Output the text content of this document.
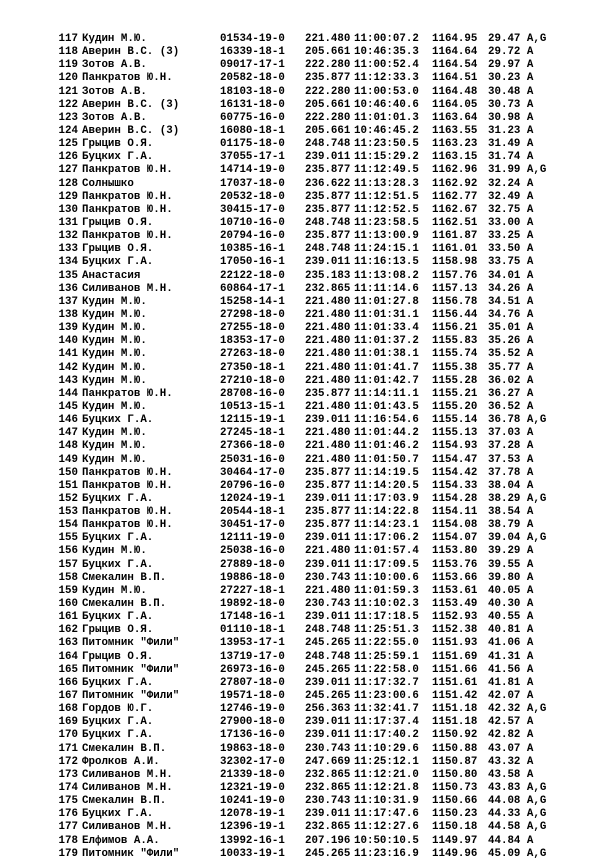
117 Кудин М.Ю.	01534-19-0 221.480 11:00:07.2 1164.95 29.47 A,G
118 Аверин В.С. (3)	16339-18-1 205.661 10:46:35.3 1164.64 29.72 A
119 Зотов А.В.	09017-17-1 222.280 11:00:52.4 1164.54 29.97 A
120 Панкратов Ю.Н.	20582-18-0 235.877 11:12:33.3 1164.51 30.23 A
121 Зотов А.В.	18103-18-0 222.280 11:00:53.0 1164.48 30.48 A
122 Аверин В.С. (3)	16131-18-0 205.661 10:46:40.6 1164.05 30.73 A
123 Зотов А.В.	60775-16-0 222.280 11:01:01.3 1163.64 30.98 A
124 Аверин В.С. (3)	16080-18-1 205.661 10:46:45.2 1163.55 31.23 A
125 Грыцив О.Я.	01175-18-0 248.748 11:23:50.5 1163.23 31.49 A
126 Буцких Г.А.	37055-17-1 239.011 11:15:29.2 1163.15 31.74 A
127 Панкратов Ю.Н.	14714-19-0 235.877 11:12:49.5 1162.96 31.99 A,G
128 Солнышко	17037-18-0 236.622 11:13:28.3 1162.92 32.24 A
129 Панкратов Ю.Н.	20532-18-0 235.877 11:12:51.5 1162.77 32.49 A
130 Панкратов Ю.Н.	30415-17-0 235.877 11:12:52.5 1162.67 32.75 A
131 Грыцив О.Я.	10710-16-0 248.748 11:23:58.5 1162.51 33.00 A
132 Панкратов Ю.Н.	20794-16-0 235.877 11:13:00.9 1161.87 33.25 A
133 Грыцив О.Я.	10385-16-1 248.748 11:24:15.1 1161.01 33.50 A
134 Буцких Г.А.	17050-16-1 239.011 11:16:13.5 1158.98 33.75 A
135 Анастасия	22122-18-0 235.183 11:13:08.2 1157.76 34.01 A
136 Силиванов М.Н.	60864-17-1 232.865 11:11:14.6 1157.13 34.26 A
137 Кудин М.Ю.	15258-14-1 221.480 11:01:27.8 1156.78 34.51 A
138 Кудин М.Ю.	27298-18-0 221.480 11:01:31.1 1156.44 34.76 A
139 Кудин М.Ю.	27255-18-0 221.480 11:01:33.4 1156.21 35.01 A
140 Кудин М.Ю.	18353-17-0 221.480 11:01:37.2 1155.83 35.26 A
141 Кудин М.Ю.	27263-18-0 221.480 11:01:38.1 1155.74 35.52 A
142 Кудин М.Ю.	27350-18-1 221.480 11:01:41.7 1155.38 35.77 A
143 Кудин М.Ю.	27210-18-0 221.480 11:01:42.7 1155.28 36.02 A
144 Панкратов Ю.Н.	28708-16-0 235.877 11:14:11.1 1155.21 36.27 A
145 Кудин М.Ю.	10513-15-1 221.480 11:01:43.5 1155.20 36.52 A
146 Буцких Г.А.	12115-19-1 239.011 11:16:54.6 1155.14 36.78 A,G
147 Кудин М.Ю.	27245-18-1 221.480 11:01:44.2 1155.13 37.03 A
148 Кудин М.Ю.	27366-18-0 221.480 11:01:46.2 1154.93 37.28 A
149 Кудин М.Ю.	25031-16-0 221.480 11:01:50.7 1154.47 37.53 A
150 Панкратов Ю.Н.	30464-17-0 235.877 11:14:19.5 1154.42 37.78 A
151 Панкратов Ю.Н.	20796-16-0 235.877 11:14:20.5 1154.33 38.04 A
152 Буцких Г.А.	12024-19-1 239.011 11:17:03.9 1154.28 38.29 A,G
153 Панкратов Ю.Н.	20544-18-1 235.877 11:14:22.8 1154.11 38.54 A
154 Панкратов Ю.Н.	30451-17-0 235.877 11:14:23.1 1154.08 38.79 A
155 Буцких Г.А.	12111-19-0 239.011 11:17:06.2 1154.07 39.04 A,G
156 Кудин М.Ю.	25038-16-0 221.480 11:01:57.4 1153.80 39.29 A
157 Буцких Г.А.	27889-18-0 239.011 11:17:09.5 1153.76 39.55 A
158 Смекалин В.П.	19886-18-0 230.743 11:10:00.6 1153.66 39.80 A
159 Кудин М.Ю.	27227-18-1 221.480 11:01:59.3 1153.61 40.05 A
160 Смекалин В.П.	19892-18-0 230.743 11:10:02.3 1153.49 40.30 A
161 Буцких Г.А.	17148-16-1 239.011 11:17:18.5 1152.93 40.55 A
162 Грыцив О.Я.	01110-18-1 248.748 11:25:51.3 1152.38 40.81 A
163 Питомник "Фили"	13953-17-1 245.265 11:22:55.0 1151.93 41.06 A
164 Грыцив О.Я.	13719-17-0 248.748 11:25:59.1 1151.69 41.31 A
165 Питомник "Фили"	26973-16-0 245.265 11:22:58.0 1151.66 41.56 A
166 Буцких Г.А.	27807-18-0 239.011 11:17:32.7 1151.61 41.81 A
167 Питомник "Фили"	19571-18-0 245.265 11:23:00.6 1151.42 42.07 A
168 Гордов Ю.Г.	12746-19-0 256.363 11:32:41.7 1151.18 42.32 A,G
169 Буцких Г.А.	27900-18-0 239.011 11:17:37.4 1151.18 42.57 A
170 Буцких Г.А.	17136-16-0 239.011 11:17:40.2 1150.92 42.82 A
171 Смекалин В.П.	19863-18-0 230.743 11:10:29.6 1150.88 43.07 A
172 Фролков А.И.	32302-17-0 247.669 11:25:12.1 1150.87 43.32 A
173 Силиванов М.Н.	21339-18-0 232.865 11:12:21.0 1150.80 43.58 A
174 Силиванов М.Н.	12321-19-0 232.865 11:12:21.8 1150.73 43.83 A,G
175 Смекалин В.П.	10241-19-0 230.743 11:10:31.9 1150.66 44.08 A,G
176 Буцких Г.А.	12078-19-1 239.011 11:17:47.6 1150.23 44.33 A,G
177 Силиванов М.Н.	12396-19-1 232.865 11:12:27.6 1150.18 44.58 A,G
178 Елфимов А.А.	13992-16-1 207.196 10:50:10.5 1149.97 44.84 A
179 Питомник "Фили"	10033-19-1 245.265 11:23:16.9 1149.96 45.09 A,G
